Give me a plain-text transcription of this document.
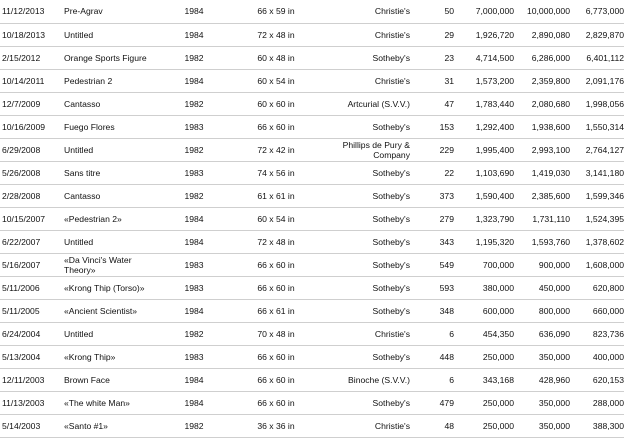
11/12/2013	Pre-Agrav	1984	66 x 59 in	Christie's	50	7,000,000	10,000,000	6,773,000
10/18/2013	Untitled	1984	72 x 48 in	Christie's	29	1,926,720	2,890,080	2,829,870
2/15/2012	Orange Sports Figure	1982	60 x 48 in	Sotheby's	23	4,714,500	6,286,000	6,401,112
10/14/2011	Pedestrian 2	1984	60 x 54 in	Christie's	31	1,573,200	2,359,800	2,091,176
12/7/2009	Cantasso	1982	60 x 60 in	Artcurial (S.V.V.)	47	1,783,440	2,080,680	1,998,056
10/16/2009	Fuego Flores	1983	66 x 60 in	Sotheby's	153	1,292,400	1,938,600	1,550,314
6/29/2008	Untitled	1982	72 x 42 in	Phillips de Pury & Company	229	1,995,400	2,993,100	2,764,127
5/26/2008	Sans titre	1983	74 x 56 in	Sotheby's	22	1,103,690	1,419,030	3,141,180
2/28/2008	Cantasso	1982	61 x 61 in	Sotheby's	373	1,590,400	2,385,600	1,599,346
10/15/2007	«Pedestrian 2»	1984	60 x 54 in	Sotheby's	279	1,323,790	1,731,110	1,524,395
6/22/2007	Untitled	1984	72 x 48 in	Sotheby's	343	1,195,320	1,593,760	1,378,602
5/16/2007	«Da Vinci's Water Theory»	1983	66 x 60 in	Sotheby's	549	700,000	900,000	1,608,000
5/11/2006	«Krong Thip (Torso)»	1983	66 x 60 in	Sotheby's	593	380,000	450,000	620,800
5/11/2005	«Ancient Scientist»	1984	66 x 61 in	Sotheby's	348	600,000	800,000	660,000
6/24/2004	Untitled	1982	70 x 48 in	Christie's	6	454,350	636,090	823,736
5/13/2004	«Krong Thip»	1983	66 x 60 in	Sotheby's	448	250,000	350,000	400,000
12/11/2003	Brown Face	1984	66 x 60 in	Binoche (S.V.V.)	6	343,168	428,960	620,153
11/13/2003	«The white Man»	1984	66 x 60 in	Sotheby's	479	250,000	350,000	288,000
5/14/2003	«Santo #1»	1982	36 x 36 in	Christie's	48	250,000	350,000	388,300
